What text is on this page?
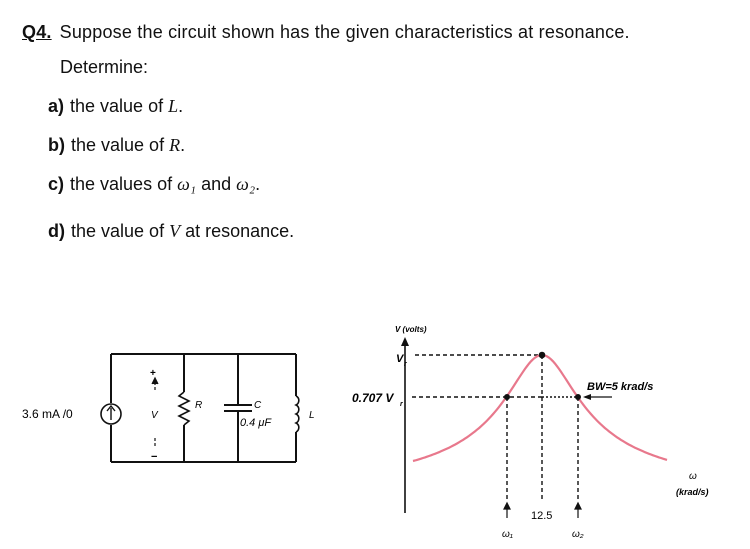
Q4. Suppose the circuit shown has the given characteristics at resonance.
Determine:
a) the value of L.
b) the value of R.
c) the values of ω₁ and ω₂.
d) the value of V at resonance.
3.6 mA /0
+
V
−
R	C
0.4 μF
L
V (volts)
V r
0.707 V r
BW=5 krad/s
ω
(krad/s)
12.5
ω₁	ω₂
